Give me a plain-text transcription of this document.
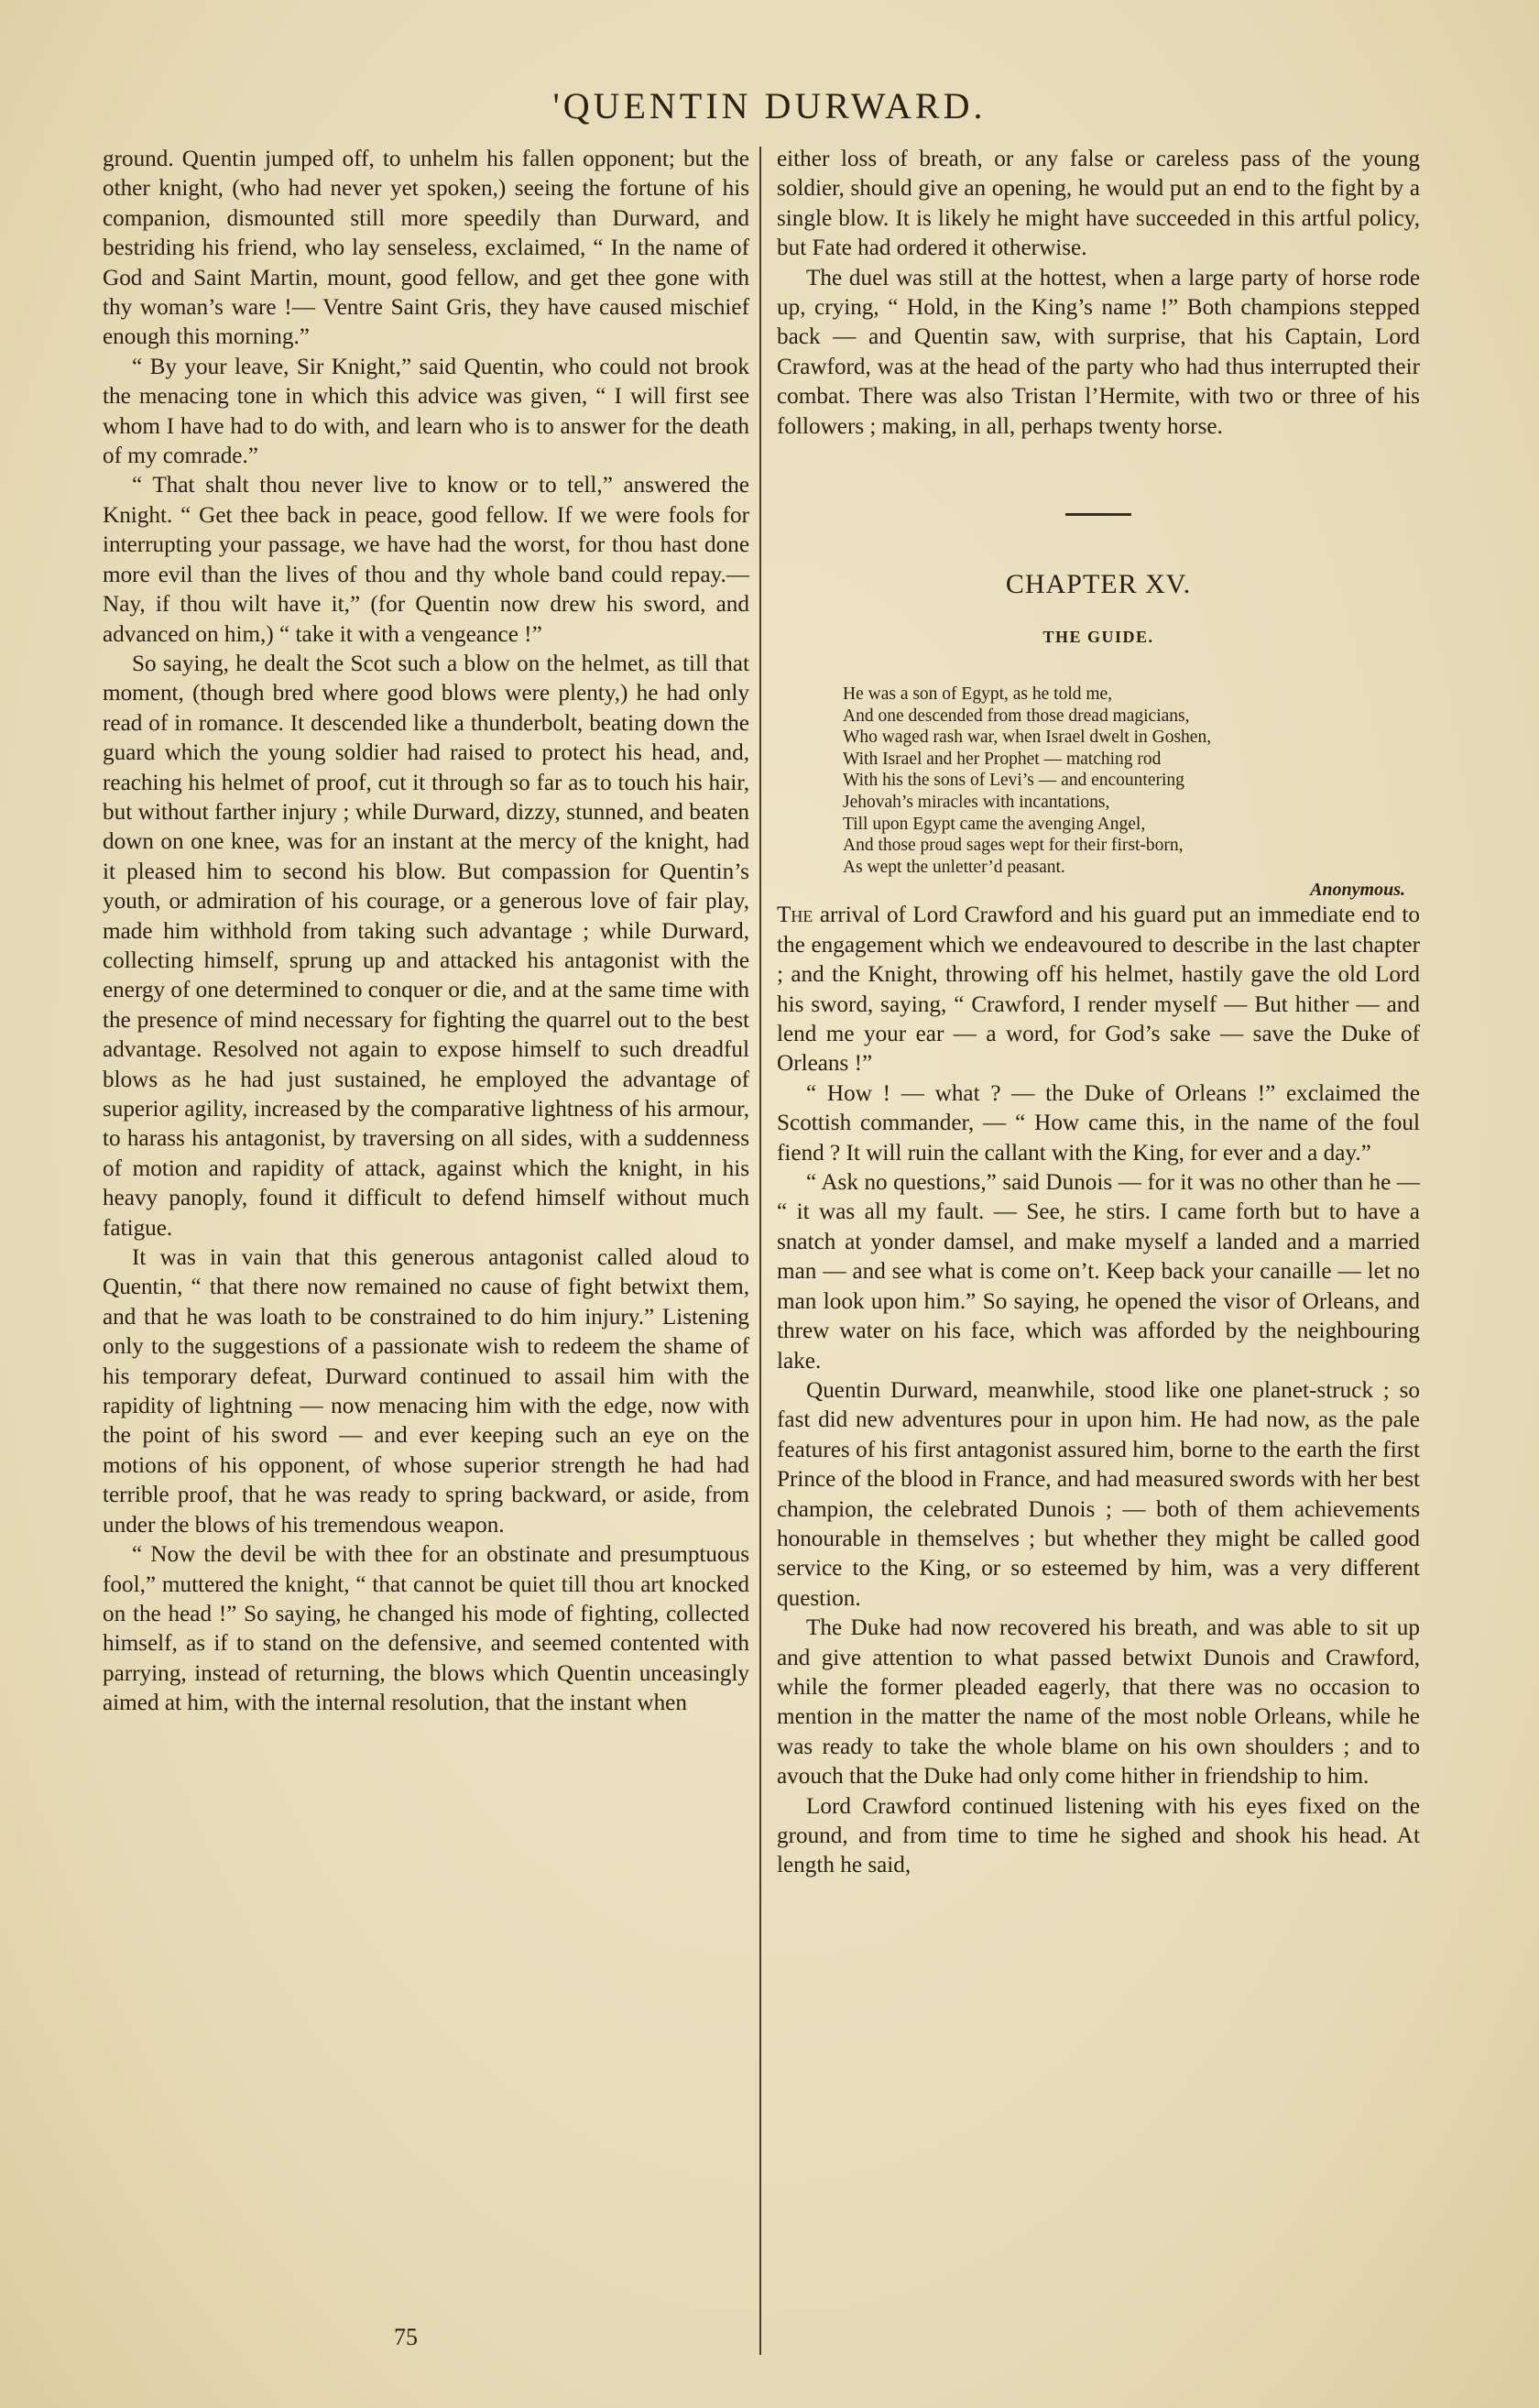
'QUENTIN DURWARD.

ground. Quentin jumped off, to unhelm his fallen opponent; but the other knight, (who had never yet spoken,) seeing the fortune of his companion, dismounted still more speedily than Durward, and bestriding his friend, who lay senseless, exclaimed, “ In the name of God and Saint Martin, mount, good fellow, and get thee gone with thy woman’s ware !— Ventre Saint Gris, they have caused mischief enough this morning.”

“ By your leave, Sir Knight,” said Quentin, who could not brook the menacing tone in which this advice was given, “ I will first see whom I have had to do with, and learn who is to answer for the death of my comrade.”

“ That shalt thou never live to know or to tell,” answered the Knight. “ Get thee back in peace, good fellow. If we were fools for interrupting your passage, we have had the worst, for thou hast done more evil than the lives of thou and thy whole band could repay.—Nay, if thou wilt have it,” (for Quentin now drew his sword, and advanced on him,) “ take it with a vengeance !”

So saying, he dealt the Scot such a blow on the helmet, as till that moment, (though bred where good blows were plenty,) he had only read of in romance. It descended like a thunderbolt, beating down the guard which the young soldier had raised to protect his head, and, reaching his helmet of proof, cut it through so far as to touch his hair, but without farther injury ; while Durward, dizzy, stunned, and beaten down on one knee, was for an instant at the mercy of the knight, had it pleased him to second his blow. But compassion for Quentin’s youth, or admiration of his courage, or a generous love of fair play, made him withhold from taking such advantage ; while Durward, collecting himself, sprung up and attacked his antagonist with the energy of one determined to conquer or die, and at the same time with the presence of mind necessary for fighting the quarrel out to the best advantage. Resolved not again to expose himself to such dreadful blows as he had just sustained, he employed the advantage of superior agility, increased by the comparative lightness of his armour, to harass his antagonist, by traversing on all sides, with a suddenness of motion and rapidity of attack, against which the knight, in his heavy panoply, found it difficult to defend himself without much fatigue.

It was in vain that this generous antagonist called aloud to Quentin, “ that there now remained no cause of fight betwixt them, and that he was loath to be constrained to do him injury.” Listening only to the suggestions of a passionate wish to redeem the shame of his temporary defeat, Durward continued to assail him with the rapidity of lightning — now menacing him with the edge, now with the point of his sword — and ever keeping such an eye on the motions of his opponent, of whose superior strength he had had terrible proof, that he was ready to spring backward, or aside, from under the blows of his tremendous weapon.

“ Now the devil be with thee for an obstinate and presumptuous fool,” muttered the knight, “ that cannot be quiet till thou art knocked on the head !” So saying, he changed his mode of fighting, collected himself, as if to stand on the defensive, and seemed contented with parrying, instead of returning, the blows which Quentin unceasingly aimed at him, with the internal resolution, that the instant when

75

either loss of breath, or any false or careless pass of the young soldier, should give an opening, he would put an end to the fight by a single blow. It is likely he might have succeeded in this artful policy, but Fate had ordered it otherwise.

The duel was still at the hottest, when a large party of horse rode up, crying, “ Hold, in the King’s name !” Both champions stepped back — and Quentin saw, with surprise, that his Captain, Lord Crawford, was at the head of the party who had thus interrupted their combat. There was also Tristan l’Hermite, with two or three of his followers ; making, in all, perhaps twenty horse.

CHAPTER XV.
THE GUIDE.
He was a son of Egypt, as he told me,
And one descended from those dread magicians,
Who waged rash war, when Israel dwelt in Goshen,
With Israel and her Prophet — matching rod
With his the sons of Levi’s — and encountering
Jehovah’s miracles with incantations,
Till upon Egypt came the avenging Angel,
And those proud sages wept for their first-born,
As wept the unletter’d peasant.
Anonymous.

The arrival of Lord Crawford and his guard put an immediate end to the engagement which we endeavoured to describe in the last chapter ; and the Knight, throwing off his helmet, hastily gave the old Lord his sword, saying, “ Crawford, I render myself — But hither — and lend me your ear — a word, for God’s sake — save the Duke of Orleans !”

“ How ! — what ? — the Duke of Orleans !” exclaimed the Scottish commander, — “ How came this, in the name of the foul fiend ? It will ruin the callant with the King, for ever and a day.”

“ Ask no questions,” said Dunois — for it was no other than he — “ it was all my fault. — See, he stirs. I came forth but to have a snatch at yonder damsel, and make myself a landed and a married man — and see what is come on’t. Keep back your canaille — let no man look upon him.” So saying, he opened the visor of Orleans, and threw water on his face, which was afforded by the neighbouring lake.

Quentin Durward, meanwhile, stood like one planet-struck ; so fast did new adventures pour in upon him. He had now, as the pale features of his first antagonist assured him, borne to the earth the first Prince of the blood in France, and had measured swords with her best champion, the celebrated Dunois ; — both of them achievements honourable in themselves ; but whether they might be called good service to the King, or so esteemed by him, was a very different question.

The Duke had now recovered his breath, and was able to sit up and give attention to what passed betwixt Dunois and Crawford, while the former pleaded eagerly, that there was no occasion to mention in the matter the name of the most noble Orleans, while he was ready to take the whole blame on his own shoulders ; and to avouch that the Duke had only come hither in friendship to him.

Lord Crawford continued listening with his eyes fixed on the ground, and from time to time he sighed and shook his head. At length he said,
